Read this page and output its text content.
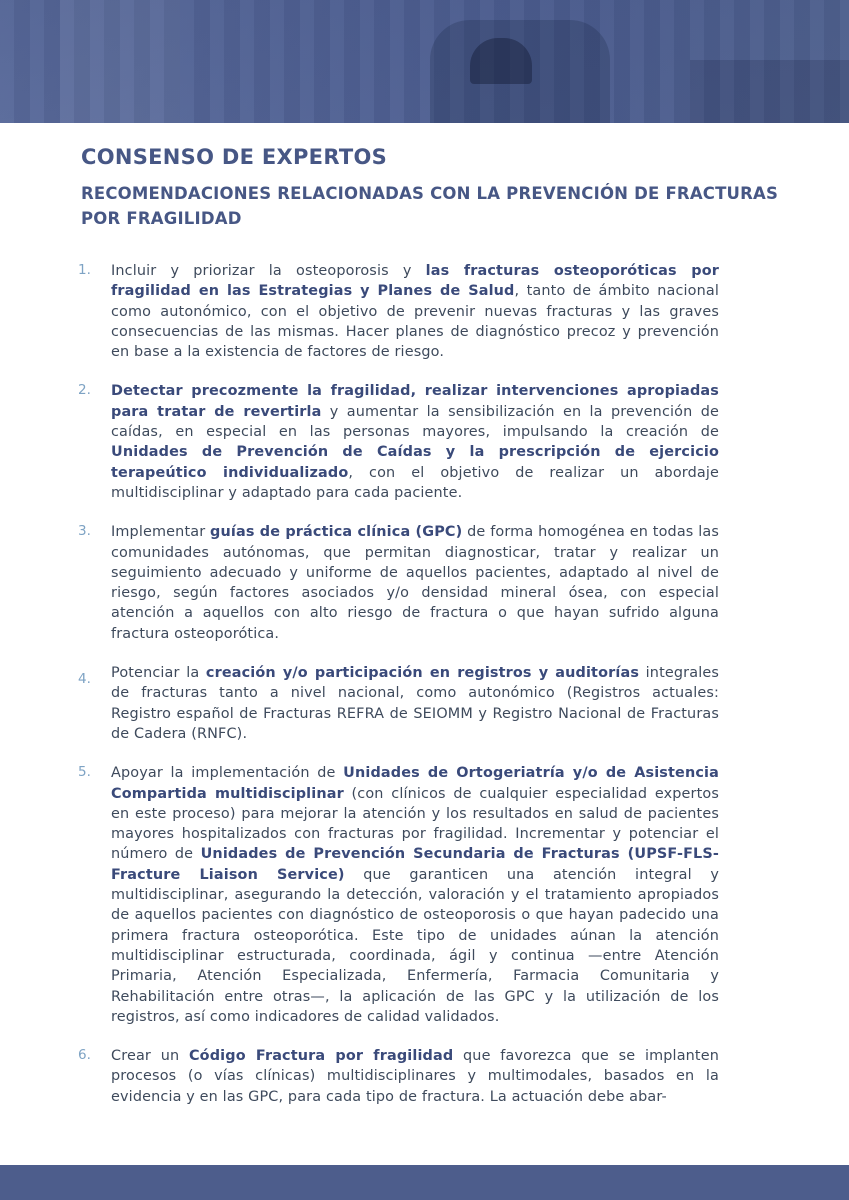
CONSENSO DE EXPERTOS
RECOMENDACIONES RELACIONADAS CON LA PREVENCIÓN DE FRACTURAS POR FRAGILIDAD
1. Incluir y priorizar la osteoporosis y las fracturas osteoporóticas por fragilidad en las Estrategias y Planes de Salud, tanto de ámbito nacional como autonómico, con el objetivo de prevenir nuevas fracturas y las graves consecuencias de las mismas. Hacer planes de diagnóstico precoz y prevención en base a la existencia de factores de riesgo.
2. Detectar precozmente la fragilidad, realizar intervenciones apropiadas para tratar de revertirla y aumentar la sensibilización en la prevención de caídas, en especial en las personas mayores, impulsando la creación de Unidades de Prevención de Caídas y la prescripción de ejercicio terapeútico individualizado, con el objetivo de realizar un abordaje multidisciplinar y adaptado para cada paciente.
3. Implementar guías de práctica clínica (GPC) de forma homogénea en todas las comunidades autónomas, que permitan diagnosticar, tratar y realizar un seguimiento adecuado y uniforme de aquellos pacientes, adaptado al nivel de riesgo, según factores asociados y/o densidad mineral ósea, con especial atención a aquellos con alto riesgo de fractura o que hayan sufrido alguna fractura osteoporótica.
4. Potenciar la creación y/o participación en registros y auditorías integrales de fracturas tanto a nivel nacional, como autonómico (Registros actuales: Registro español de Fracturas REFRA de SEIOMM y Registro Nacional de Fracturas de Cadera (RNFC).
5. Apoyar la implementación de Unidades de Ortogeriatría y/o de Asistencia Compartida multidisciplinar (con clínicos de cualquier especialidad expertos en este proceso) para mejorar la atención y los resultados en salud de pacientes mayores hospitalizados con fracturas por fragilidad. Incrementar y potenciar el número de Unidades de Prevención Secundaria de Fracturas (UPSF-FLS-Fracture Liaison Service) que garanticen una atención integral y multidisciplinar, asegurando la detección, valoración y el tratamiento apropiados de aquellos pacientes con diagnóstico de osteoporosis o que hayan padecido una primera fractura osteoporótica. Este tipo de unidades aúnan la atención multidisciplinar estructurada, coordinada, ágil y continua —entre Atención Primaria, Atención Especializada, Enfermería, Farmacia Comunitaria y Rehabilitación entre otras—, la aplicación de las GPC y la utilización de los registros, así como indicadores de calidad validados.
6. Crear un Código Fractura por fragilidad que favorezca que se implanten procesos (o vías clínicas) multidisciplinares y multimodales, basados en la evidencia y en las GPC, para cada tipo de fractura. La actuación debe abar-
